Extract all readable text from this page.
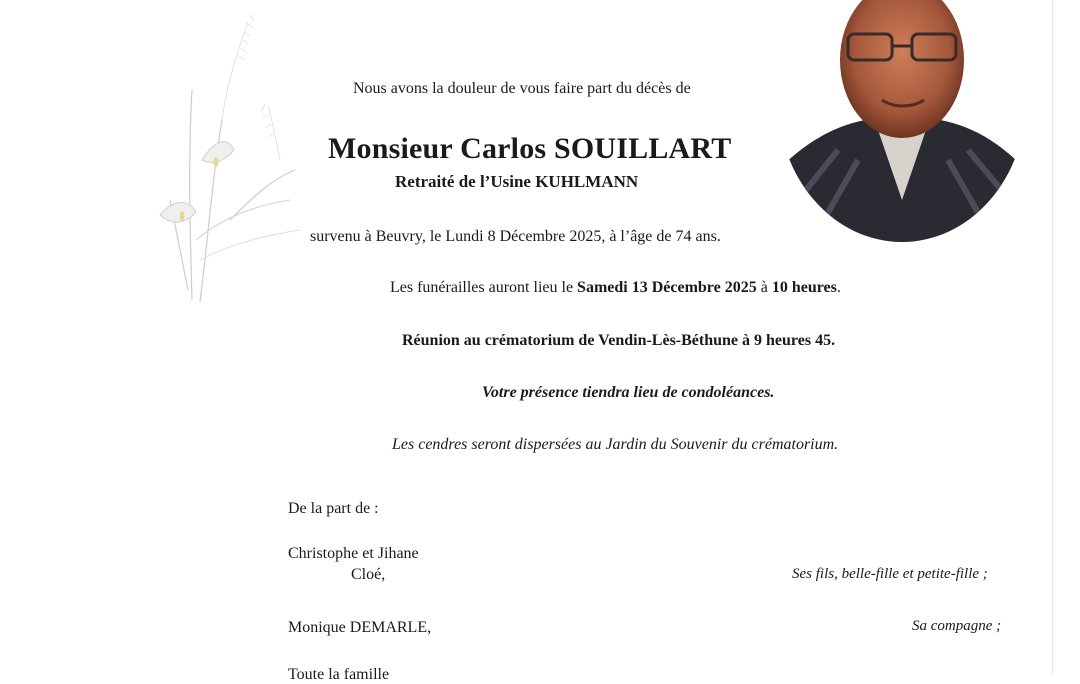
Nous avons la douleur de vous faire part du décès de
Monsieur Carlos SOUILLART
Retraité de l’Usine KUHLMANN
survenu à Beuvry, le Lundi 8 Décembre 2025, à l’âge de 74 ans.
Les funérailles auront lieu le Samedi 13 Décembre 2025 à 10 heures.
Réunion au crématorium de Vendin-Lès-Béthune à 9 heures 45.
Votre présence tiendra lieu de condoléances.
Les cendres seront dispersées au Jardin du Souvenir du crématorium.
De la part de :
Christophe et Jihane
Cloé,	Ses fils, belle-fille et petite-fille ;
Monique DEMARLE,	Sa compagne ;
Toute la famille
